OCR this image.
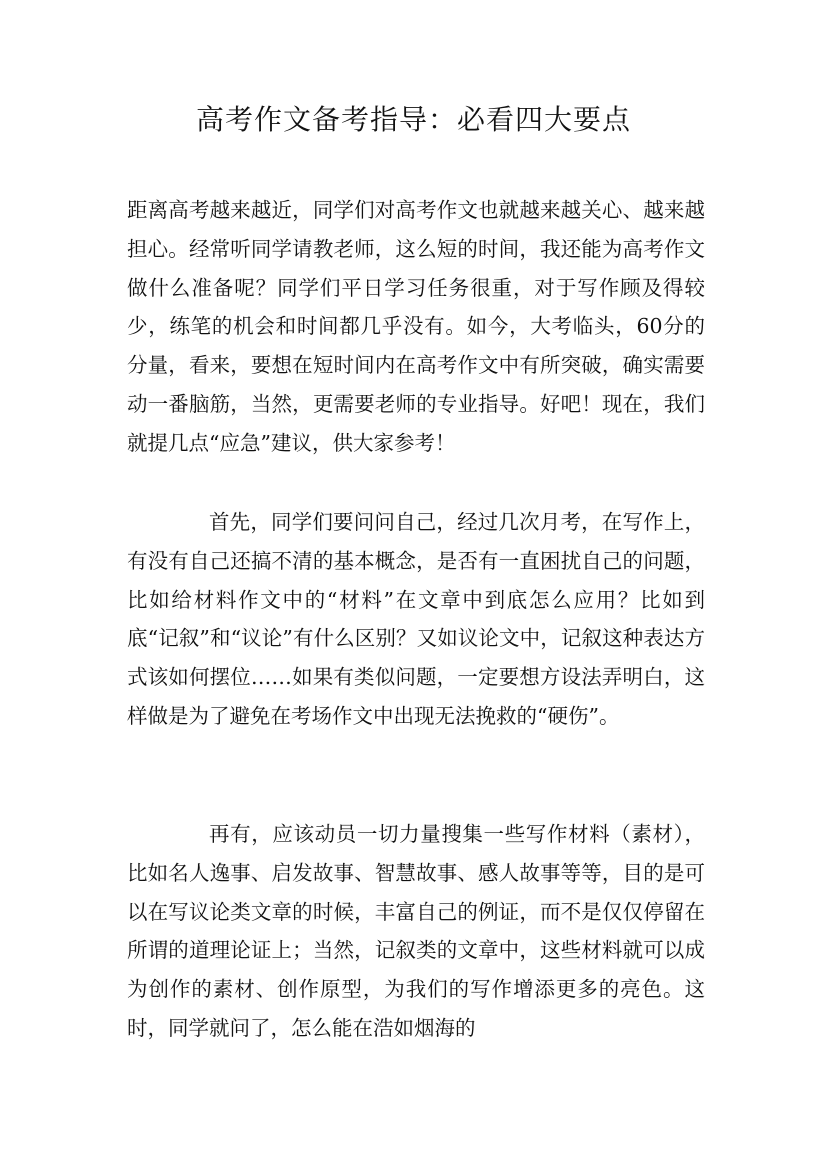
高考作文备考指导：必看四大要点

距离高考越来越近，同学们对高考作文也就越来越关心、越来越担心。经常听同学请教老师，这么短的时间，我还能为高考作文做什么准备呢？同学们平日学习任务很重，对于写作顾及得较少，练笔的机会和时间都几乎没有。如今，大考临头，60分的分量，看来，要想在短时间内在高考作文中有所突破，确实需要动一番脑筋，当然，更需要老师的专业指导。好吧！现在，我们就提几点“应急”建议，供大家参考！

首先，同学们要问问自己，经过几次月考，在写作上，有没有自己还搞不清的基本概念，是否有一直困扰自己的问题，比如给材料作文中的“材料”在文章中到底怎么应用？比如到底“记叙”和“议论”有什么区别？又如议论文中，记叙这种表达方式该如何摆位……如果有类似问题，一定要想方设法弄明白，这样做是为了避免在考场作文中出现无法挽救的“硬伤”。

再有，应该动员一切力量搜集一些写作材料（素材），比如名人逸事、启发故事、智慧故事、感人故事等等，目的是可以在写议论类文章的时候，丰富自己的例证，而不是仅仅停留在所谓的道理论证上；当然，记叙类的文章中，这些材料就可以成为创作的素材、创作原型，为我们的写作增添更多的亮色。这时，同学就问了，怎么能在浩如烟海的
